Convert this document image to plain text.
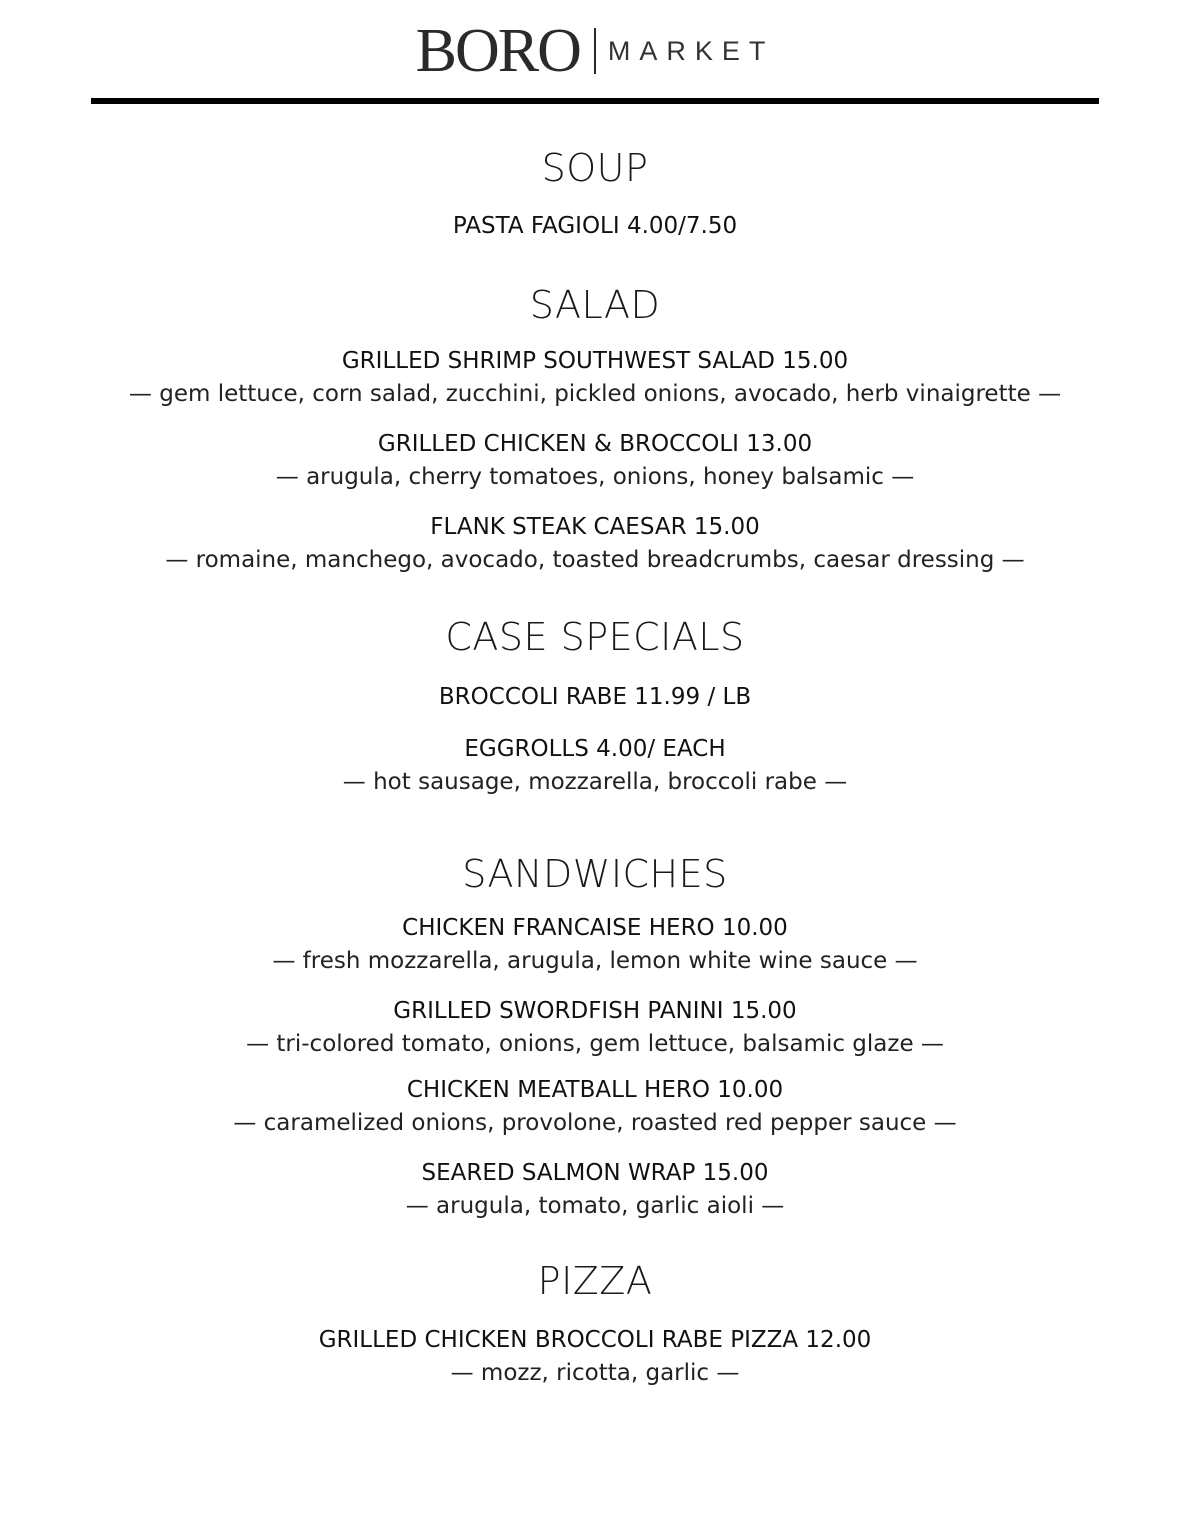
BORO MARKET
SOUP
PASTA FAGIOLI 4.00/7.50
SALAD
GRILLED SHRIMP SOUTHWEST SALAD 15.00
— gem lettuce, corn salad, zucchini, pickled onions, avocado, herb vinaigrette —
GRILLED CHICKEN & BROCCOLI 13.00
— arugula, cherry tomatoes, onions, honey balsamic —
FLANK STEAK CAESAR 15.00
— romaine, manchego, avocado, toasted breadcrumbs, caesar dressing —
CASE SPECIALS
BROCCOLI RABE 11.99 / LB
EGGROLLS 4.00/ EACH
— hot sausage, mozzarella, broccoli rabe —
SANDWICHES
CHICKEN FRANCAISE HERO 10.00
— fresh mozzarella, arugula, lemon white wine sauce —
GRILLED SWORDFISH PANINI 15.00
— tri-colored tomato, onions, gem lettuce, balsamic glaze —
CHICKEN MEATBALL HERO 10.00
— caramelized onions, provolone, roasted red pepper sauce —
SEARED SALMON WRAP 15.00
— arugula, tomato, garlic aioli —
PIZZA
GRILLED CHICKEN BROCCOLI RABE PIZZA 12.00
— mozz, ricotta, garlic —
